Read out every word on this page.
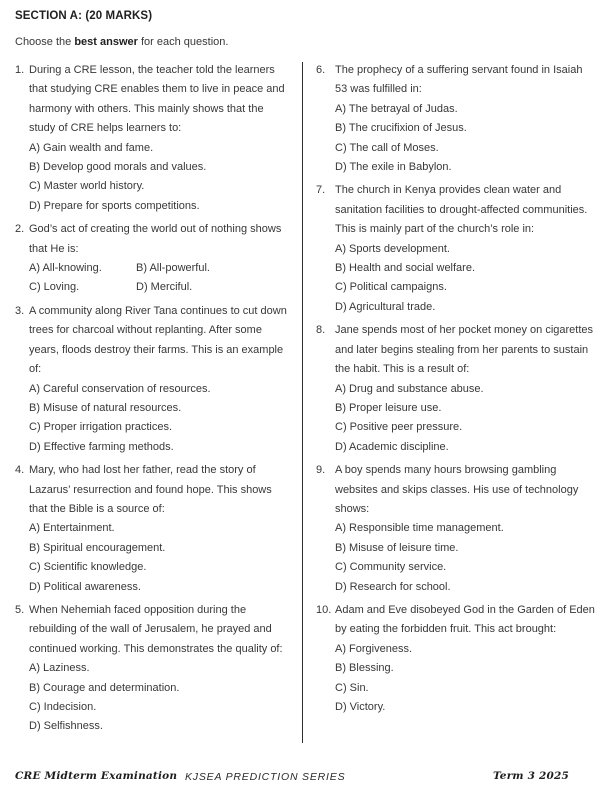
SECTION A: (20 MARKS)
Choose the best answer for each question.
1. During a CRE lesson, the teacher told the learners that studying CRE enables them to live in peace and harmony with others. This mainly shows that the study of CRE helps learners to:
A) Gain wealth and fame.
B) Develop good morals and values.
C) Master world history.
D) Prepare for sports competitions.
2. God’s act of creating the world out of nothing shows that He is:
A) All-knowing.	B) All-powerful.
C) Loving.	D) Merciful.
3. A community along River Tana continues to cut down trees for charcoal without replanting. After some years, floods destroy their farms. This is an example of:
A) Careful conservation of resources.
B) Misuse of natural resources.
C) Proper irrigation practices.
D) Effective farming methods.
4. Mary, who had lost her father, read the story of Lazarus’ resurrection and found hope. This shows that the Bible is a source of:
A) Entertainment.
B) Spiritual encouragement.
C) Scientific knowledge.
D) Political awareness.
5. When Nehemiah faced opposition during the rebuilding of the wall of Jerusalem, he prayed and continued working. This demonstrates the quality of:
A) Laziness.
B) Courage and determination.
C) Indecision.
D) Selfishness.
6. The prophecy of a suffering servant found in Isaiah 53 was fulfilled in:
A) The betrayal of Judas.
B) The crucifixion of Jesus.
C) The call of Moses.
D) The exile in Babylon.
7. The church in Kenya provides clean water and sanitation facilities to drought-affected communities. This is mainly part of the church’s role in:
A) Sports development.
B) Health and social welfare.
C) Political campaigns.
D) Agricultural trade.
8. Jane spends most of her pocket money on cigarettes and later begins stealing from her parents to sustain the habit. This is a result of:
A) Drug and substance abuse.
B) Proper leisure use.
C) Positive peer pressure.
D) Academic discipline.
9. A boy spends many hours browsing gambling websites and skips classes. His use of technology shows:
A) Responsible time management.
B) Misuse of leisure time.
C) Community service.
D) Research for school.
10. Adam and Eve disobeyed God in the Garden of Eden by eating the forbidden fruit. This act brought:
A) Forgiveness.
B) Blessing.
C) Sin.
D) Victory.
CRE Midterm Examination KJSEA PREDICTION SERIES	Term 3 2025
